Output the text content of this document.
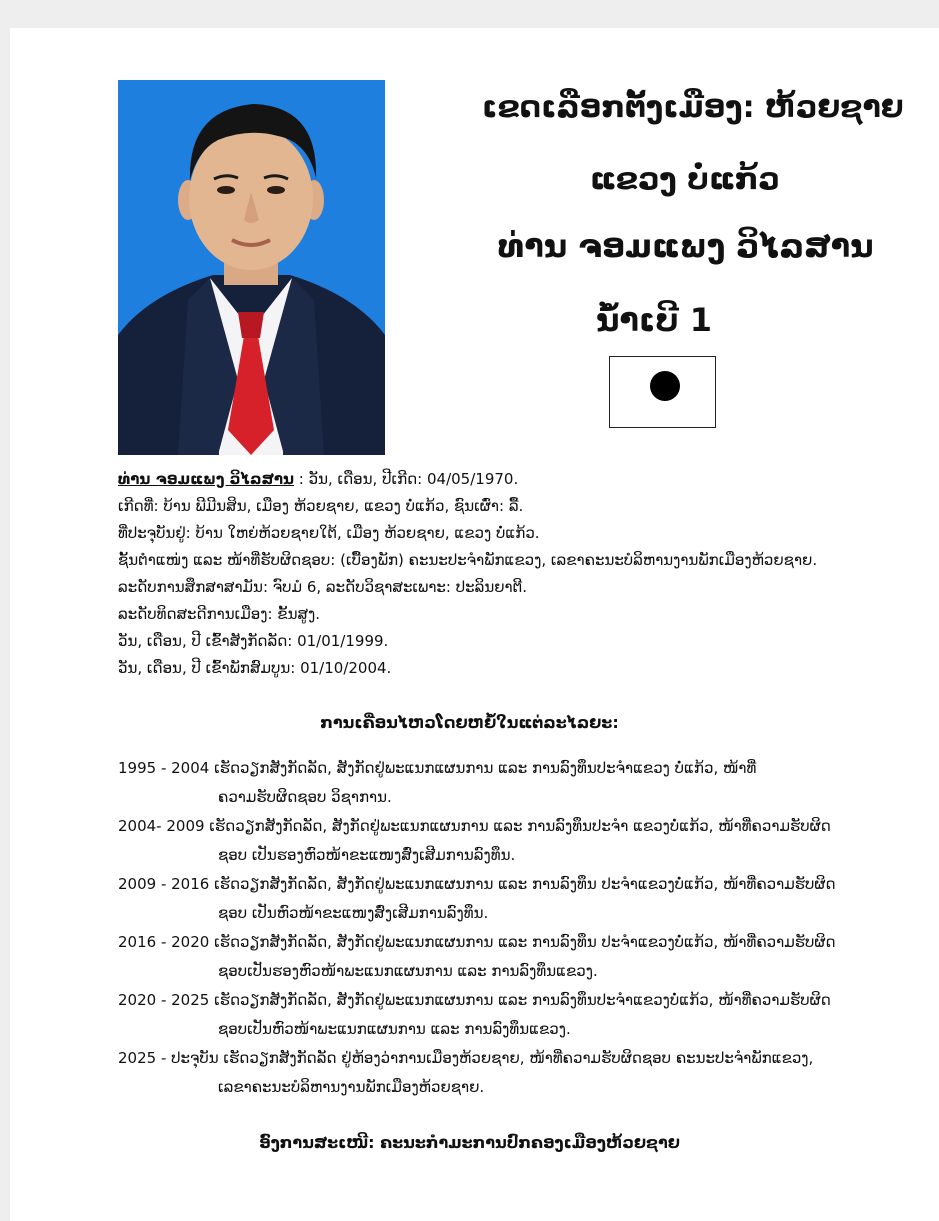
ເຂດເລືອກຕັ້ງເມືອງ: ຫ້ວຍຊາຍ
ແຂວງ ບໍ່ແກ້ວ
ທ່ານ ຈອມແພງ ວິໄລສານ
ນໍ້າເບີ 1
ທ່ານ ຈອມແພງ ວິໄລສານ : ວັນ, ເດືອນ, ປີເກີດ: 04/05/1970.
ເກີດທີ່: ບ້ານ ພີມີນສິນ, ເມືອງ ຫ້ວຍຊາຍ, ແຂວງ ບໍ່ແກ້ວ, ຊົນເຜົ່າ: ລື້.
ທີ່ປະຈຸບັນຢູ່: ບ້ານ ໃຫຍ່ຫ້ວຍຊາຍໃຕ້, ເມືອງ ຫ້ວຍຊາຍ, ແຂວງ ບໍ່ແກ້ວ.
ຊັ້ນຕໍາແໜ່ງ ແລະ ໜ້າທີ່ຮັບຜິດຊອບ: (ເບື້ອງພັກ) ຄະນະປະຈໍາພັກແຂວງ, ເລຂາຄະນະບໍລິຫານງານພັກເມືອງຫ້ວຍຊາຍ.
ລະດັບການສຶກສາສາມັນ: ຈົບມໍ 6, ລະດັບວິຊາສະເພາະ: ປະລິນຍາຕີ.
ລະດັບທິດສະດີການເມືອງ: ຂັ້ນສູງ.
ວັນ, ເດືອນ, ປີ ເຂົ້າສັງກັດລັດ: 01/01/1999.
ວັນ, ເດືອນ, ປີ ເຂົ້າພັກສົມບູນ: 01/10/2004.
ການເຄື່ອນໄຫວໂດຍຫຍໍ້ໃນແຕ່ລະໄລຍະ:
1995 - 2004 ເຮັດວຽກສັງກັດລັດ, ສັງກັດຢູ່ພະແນກແຜນການ ແລະ ການລົງທຶນປະຈໍາແຂວງ ບໍ່ແກ້ວ, ໜ້າທີ່
ຄວາມຮັບຜິດຊອບ ວິຊາການ.
2004- 2009 ເຮັດວຽກສັງກັດລັດ, ສັງກັດຢູ່ພະແນກແຜນການ ແລະ ການລົງທຶນປະຈໍາ ແຂວງບໍ່ແກ້ວ, ໜ້າທີ່ຄວາມຮັບຜິດ
ຊອບ ເປັນຮອງຫົວໜ້າຂະແໜງສົ່ງເສີມການລົງທຶນ.
2009 - 2016 ເຮັດວຽກສັງກັດລັດ, ສັງກັດຢູ່ພະແນກແຜນການ ແລະ ການລົງທຶນ ປະຈໍາແຂວງບໍ່ແກ້ວ, ໜ້າທີ່ຄວາມຮັບຜິດ
ຊອບ ເປັນຫົວໜ້າຂະແໜງສົ່ງເສີມການລົງທຶນ.
2016 - 2020 ເຮັດວຽກສັງກັດລັດ, ສັງກັດຢູ່ພະແນກແຜນການ ແລະ ການລົງທຶນ ປະຈໍາແຂວງບໍ່ແກ້ວ, ໜ້າທີ່ຄວາມຮັບຜິດ
ຊອບເປັນຮອງຫົວໜ້າພະແນກແຜນການ ແລະ ການລົງທຶນແຂວງ.
2020 - 2025 ເຮັດວຽກສັງກັດລັດ, ສັງກັດຢູ່ພະແນກແຜນການ ແລະ ການລົງທຶນປະຈໍາແຂວງບໍ່ແກ້ວ, ໜ້າທີ່ຄວາມຮັບຜິດ
ຊອບເປັນຫົວໜ້າພະແນກແຜນການ ແລະ ການລົງທຶນແຂວງ.
2025 - ປະຈຸບັນ ເຮັດວຽກສັງກັດລັດ ຢູ່ຫ້ອງວ່າການເມືອງຫ້ວຍຊາຍ, ໜ້າທີ່ຄວາມຮັບຜິດຊອບ ຄະນະປະຈໍາພັກແຂວງ,
ເລຂາຄະນະບໍລິຫານງານພັກເມືອງຫ້ວຍຊາຍ.
ອົງການສະເໜີ: ຄະນະກໍາມະການປົກຄອງເມືອງຫ້ວຍຊາຍ
